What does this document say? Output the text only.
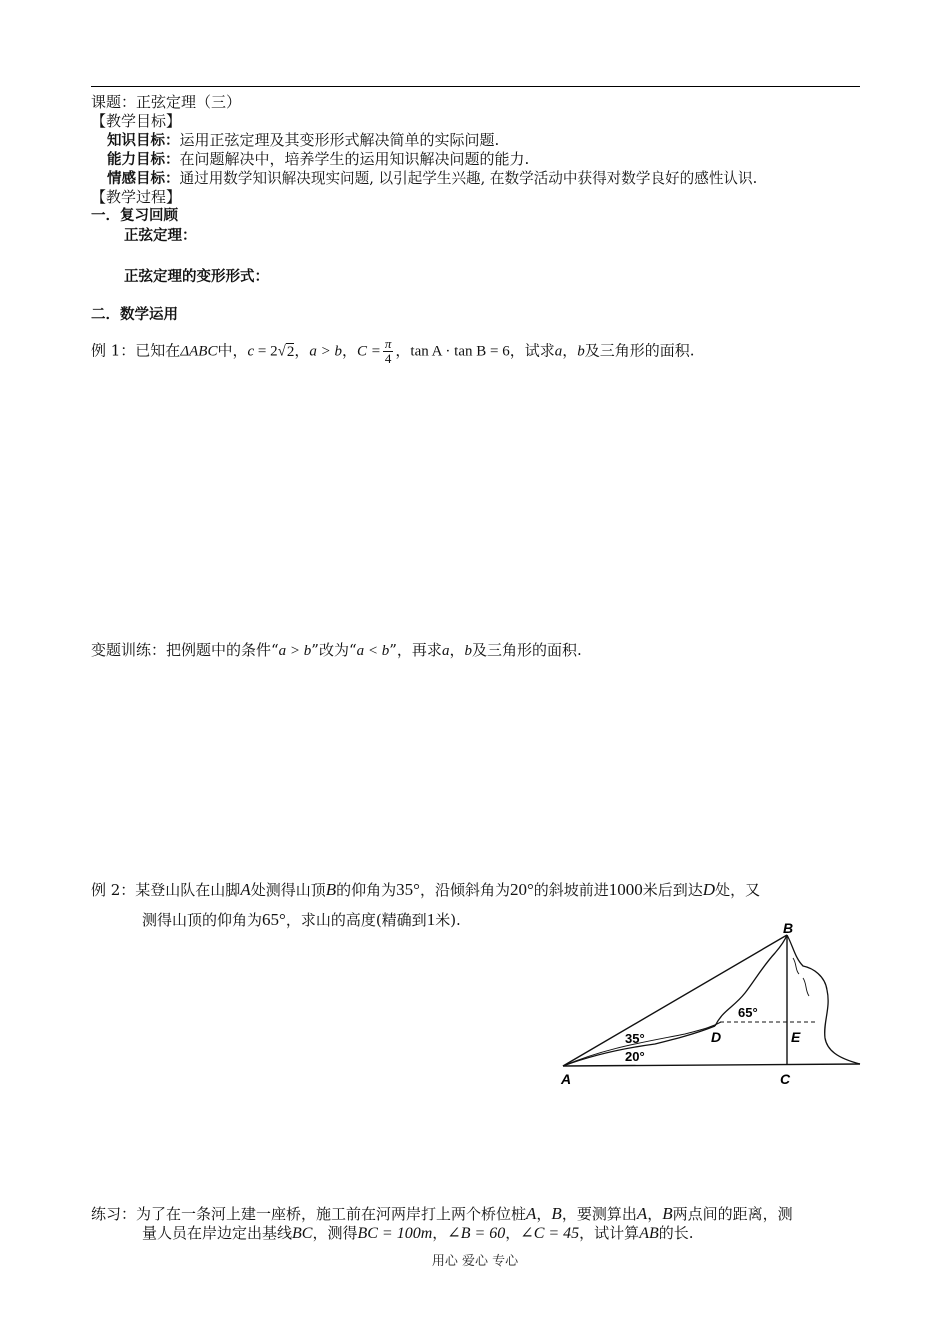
课题：正弦定理（三）
【教学目标】
知识目标：运用正弦定理及其变形形式解决简单的实际问题.
能力目标：在问题解决中，培养学生的运用知识解决问题的能力.
情感目标：通过用数学知识解决现实问题, 以引起学生兴趣, 在数学活动中获得对数学良好的感性认识.
【教学过程】
一．复习回顾
正弦定理：
正弦定理的变形形式：
二．数学运用
例 1：已知在ΔABC中，c = 2√2，a > b，$C = \frac{\pi}{4}$ ，tan A · tan B = 6，试求a，b及三角形的面积.
变题训练：把例题中的条件“a > b”改为“a < b”，再求a，b及三角形的面积.
例 2：某登山队在山脚A处测得山顶B的仰角为35°，沿倾斜角为20°的斜坡前进1000米后到达D处，又
测得山顶的仰角为65°，求山的高度(精确到1米).	B
A	C
D	E
35°
20°
65°
练习：为了在一条河上建一座桥，施工前在河两岸打上两个桥位桩A，B，要测算出A，B两点间的距离，测
量人员在岸边定出基线BC，测得BC = 100m，∠B = 60，∠C = 45，试计算AB的长.
用心 爱心 专心
